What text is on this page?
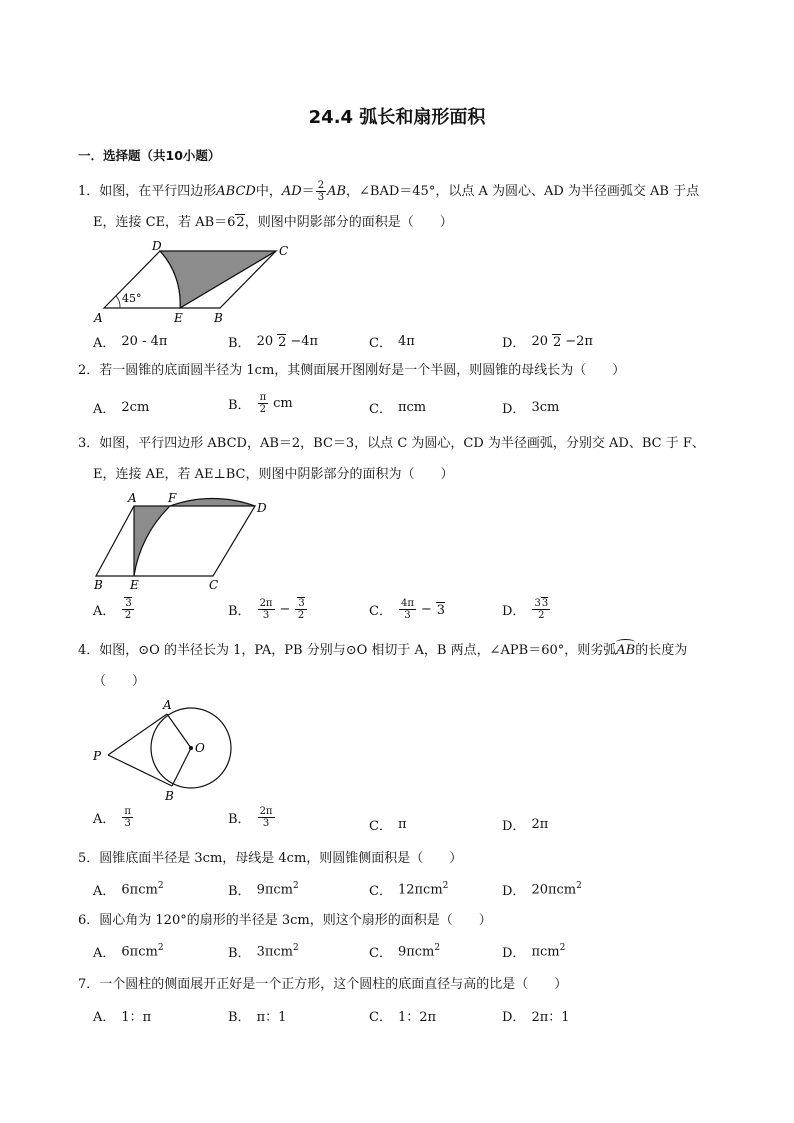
24.4 弧长和扇形面积
一．选择题（共10小题）
1．如图，在平行四边形ABCD中，$AD= \frac{2}{3}$ AB，∠BAD＝45°，以点 A 为圆心、AD 为半径画弧交 AB 于点
E，连接 CE，若 AB＝62，则图中阴影部分的面积是（　　）
D	C
A	E	B
45°
A． 20 - 4π	B． 20 2 −4π	C． 4π	D． 20 2 −2π
2．若一圆锥的底面圆半径为 1cm，其侧面展开图刚好是一个半圆，则圆锥的母线长为（　　）
A． 2cm	B． $\frac{\pi}{2}$ cm	C． πcm	D． 3cm
3．如图，平行四边形 ABCD，AB＝2，BC＝3，以点 C 为圆心，CD 为半径画弧，分别交 AD、BC 于 F、
E，连接 AE，若 AE⊥BC，则图中阴影部分的面积为（　　）
A	F
D
B E	C
A． $\frac{3}{2}$	B． $\frac{2\pi}{3} - \frac{3}{2}$	C． $\frac{4\pi}{3} - 3$	D． $\frac{33}{2}$
4．如图，⊙O 的半径长为 1，PA，PB 分别与⊙O 相切于 A，B 两点，∠APB＝60°，则劣弧
AB的长度为
（　　）
A
O
P
B
A． $\frac{\pi}{3}$	B． $\frac{2\pi}{3}$	C． π	D． 2π
5．圆锥底面半径是 3cm，母线是 4cm，则圆锥侧面积是（　　）
A． 6πcm$^2$	B． 9πcm$^2$	C． 12πcm$^2$	D． 20πcm$^2$
6．圆心角为 120°的扇形的半径是 3cm，则这个扇形的面积是（　　）
A． 6πcm$^2$	B． 3πcm$^2$	C． 9πcm$^2$	D． πcm$^2$
7．一个圆柱的侧面展开正好是一个正方形，这个圆柱的底面直径与高的比是（　　）
A． 1：π	B． π：1	C． 1：2π	D． 2π：1
